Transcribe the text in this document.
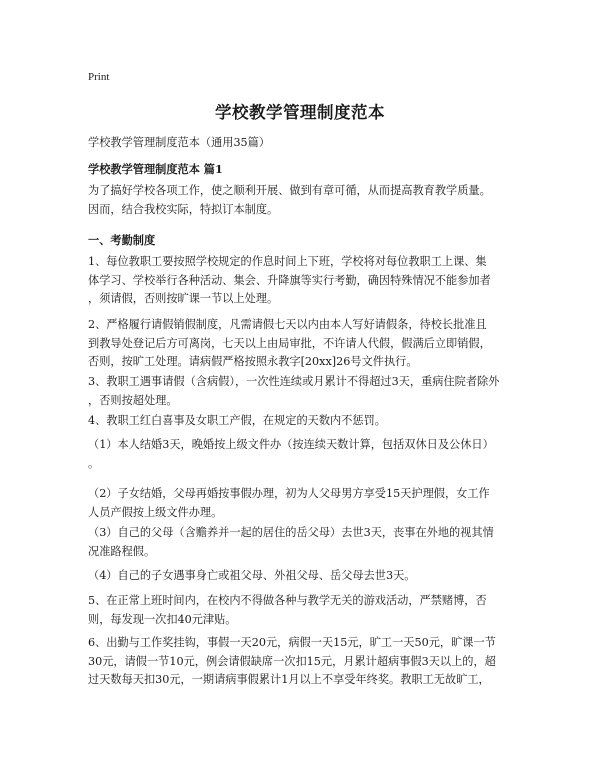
Print
学校教学管理制度范本
学校教学管理制度范本（通用35篇）
学校教学管理制度范本 篇1
为了搞好学校各项工作，使之顺利开展、做到有章可循，从而提高教育教学质量。
因而，结合我校实际，特拟订本制度。
一、考勤制度
1、每位教职工要按照学校规定的作息时间上下班，学校将对每位教职工上课、集
体学习、学校举行各种活动、集会、升降旗等实行考勤，确因特殊情况不能参加者
，须请假，否则按旷课一节以上处理。
2、严格履行请假销假制度，凡需请假七天以内由本人写好请假条，待校长批准且
到教导处登记后方可离岗，七天以上由局审批，不许请人代假，假满后立即销假，
否则，按旷工处理。请病假严格按照永教字[20xx]26号文件执行。
3、教职工遇事请假（含病假），一次性连续或月累计不得超过3天，重病住院者除外
，否则按超处理。
4、教职工红白喜事及女职工产假，在规定的天数内不惩罚。
（1）本人结婚3天，晚婚按上级文件办（按连续天数计算，包括双休日及公休日）
。
（2）子女结婚，父母再婚按事假办理，初为人父母男方享受15天护理假，女工作
人员产假按上级文件办理。
（3）自己的父母（含赡养并一起的居住的岳父母）去世3天，丧事在外地的视其情
况准路程假。
（4）自己的子女遇事身亡或祖父母、外祖父母、岳父母去世3天。
5、在正常上班时间内，在校内不得做各种与教学无关的游戏活动，严禁赌博，否
则，每发现一次扣40元津贴。
6、出勤与工作奖挂钩，事假一天20元，病假一天15元，旷工一天50元，旷课一节
30元，请假一节10元，例会请假缺席一次扣15元，月累计超病事假3天以上的，超
过天数每天扣30元，一期请病事假累计1月以上不享受年终奖。教职工无故旷工，
